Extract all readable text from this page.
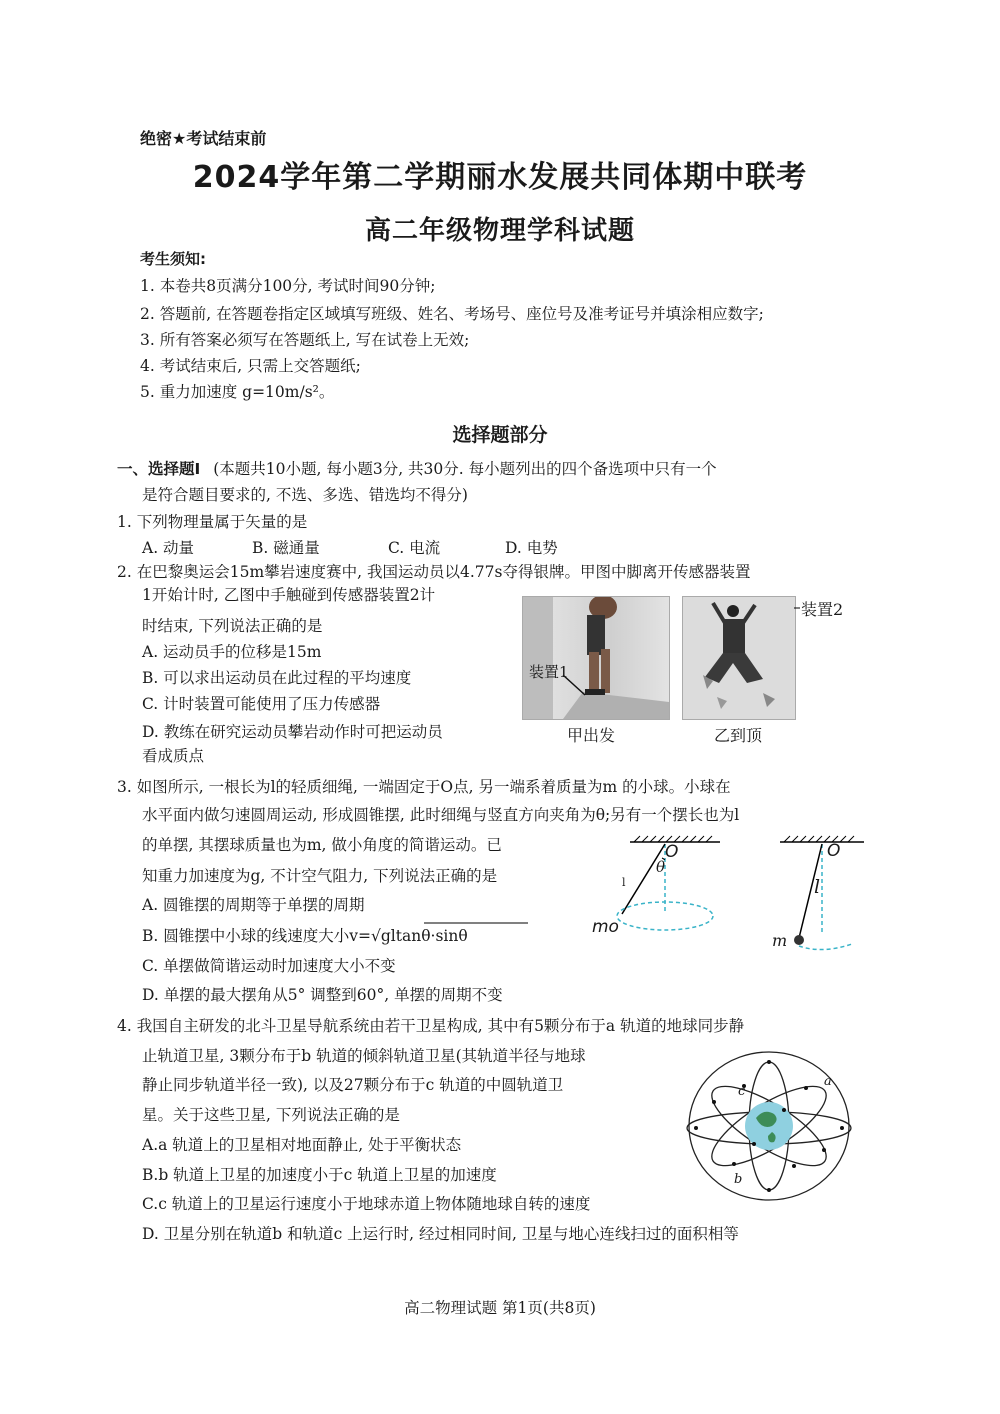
绝密★考试结束前
2024学年第二学期丽水发展共同体期中联考
高二年级物理学科试题
考生须知:
1. 本卷共8页满分100分, 考试时间90分钟;
2. 答题前, 在答题卷指定区域填写班级、姓名、考场号、座位号及准考证号并填涂相应数字;
3. 所有答案必须写在答题纸上, 写在试卷上无效;
4. 考试结束后, 只需上交答题纸;
5. 重力加速度 g=10m/s²。
选择题部分
一、选择题I (本题共10小题, 每小题3分, 共30分. 每小题列出的四个备选项中只有一个
是符合题目要求的, 不选、多选、错选均不得分)
1. 下列物理量属于矢量的是
A. 动量	B. 磁通量	C. 电流	D. 电势
2. 在巴黎奥运会15m攀岩速度赛中, 我国运动员以4.77s夺得银牌。甲图中脚离开传感器装置
1开始计时, 乙图中手触碰到传感器装置2计
时结束, 下列说法正确的是
A. 运动员手的位移是15m
B. 可以求出运动员在此过程的平均速度
C. 计时装置可能使用了压力传感器
D. 教练在研究运动员攀岩动作时可把运动员
看成质点
装置1
装置2
甲出发	乙到顶
3. 如图所示, 一根长为l的轻质细绳, 一端固定于O点, 另一端系着质量为m 的小球。小球在
水平面内做匀速圆周运动, 形成圆锥摆, 此时细绳与竖直方向夹角为θ;另有一个摆长也为l
的单摆, 其摆球质量也为m, 做小角度的简谐运动。已
知重力加速度为g, 不计空气阻力, 下列说法正确的是
A. 圆锥摆的周期等于单摆的周期
B. 圆锥摆中小球的线速度大小v=√gltanθ·sinθ
C. 单摆做简谐运动时加速度大小不变
D. 单摆的最大摆角从5° 调整到60°, 单摆的周期不变
O
θ
l
mo
O
l
m
4. 我国自主研发的北斗卫星导航系统由若干卫星构成, 其中有5颗分布于a 轨道的地球同步静
止轨道卫星, 3颗分布于b 轨道的倾斜轨道卫星(其轨道半径与地球
静止同步轨道半径一致), 以及27颗分布于c 轨道的中圆轨道卫
星。关于这些卫星, 下列说法正确的是
A.a 轨道上的卫星相对地面静止, 处于平衡状态
B.b 轨道上卫星的加速度小于c 轨道上卫星的加速度
C.c 轨道上的卫星运行速度小于地球赤道上物体随地球自转的速度
D. 卫星分别在轨道b 和轨道c 上运行时, 经过相同时间, 卫星与地心连线扫过的面积相等
a
b
c
高二物理试题 第1页(共8页)
